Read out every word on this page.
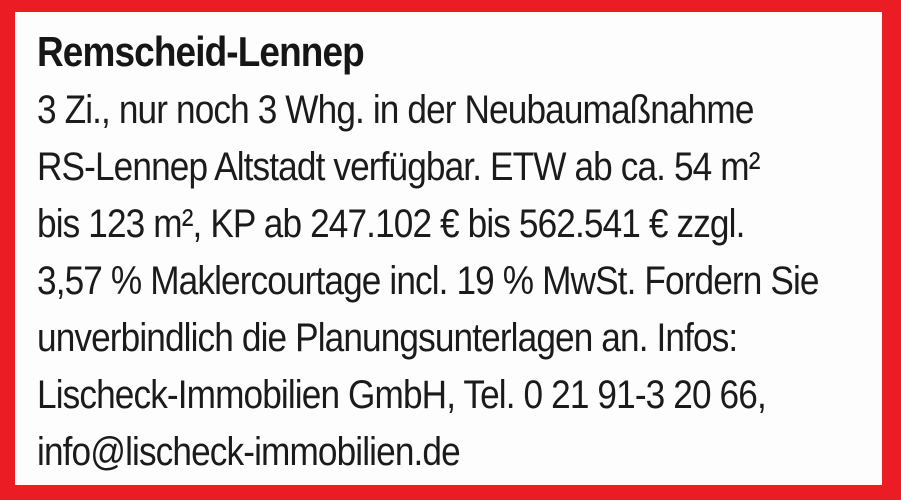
Remscheid-Lennep
3 Zi., nur noch 3 Whg. in der Neubaumaßnahme
RS-Lennep Altstadt verfügbar. ETW ab ca. 54 m²
bis 123 m², KP ab 247.102 € bis 562.541 € zzgl.
3,57 % Maklercourtage incl. 19 % MwSt. Fordern Sie
unverbindlich die Planungsunterlagen an. Infos:
Lischeck-Immobilien GmbH, Tel. 0 21 91-3 20 66,
info@lischeck-immobilien.de
